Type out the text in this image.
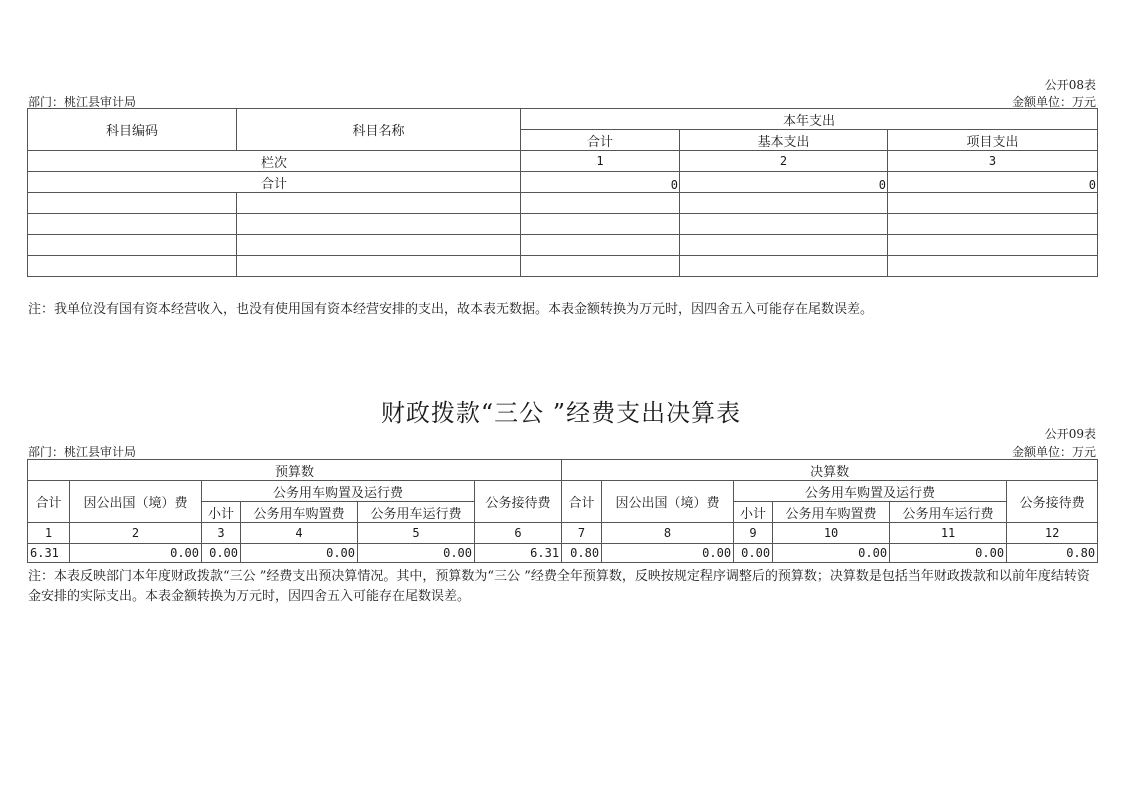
公开08表
部门：桃江县审计局	金额单位：万元
科目编码	科目名称	本年支出		
		合计	基本支出	项目支出
栏次		1	2	3
合计		0	0	0

注：我单位没有国有资本经营收入，也没有使用国有资本经营安排的支出，故本表无数据。本表金额转换为万元时，因四舍五入可能存在尾数误差。
财政拨款“三公 ”经费支出决算表
公开09表
部门：桃江县审计局	金额单位：万元
预算数						决算数					
合计	因公出国（境）费	公务用车购置及运行费			公务接待费	合计	因公出国（境）费	公务用车购置及运行费			公务接待费
		小计	公务用车购置费	公务用车运行费				小计	公务用车购置费	公务用车运行费	
1	2	3	4	5	6	7	8	9	10	11	12
6.31	0.00	0.00	0.00	0.00	6.31	0.80	0.00	0.00	0.00	0.00	0.80
注：本表反映部门本年度财政拨款“三公 ”经费支出预决算情况。其中，预算数为“三公 ”经费全年预算数，反映按规定程序调整后的预算数；决算数是包括当年财政拨款和以前年度结转资金安排的实际支出。本表金额转换为万元时，因四舍五入可能存在尾数误差。
